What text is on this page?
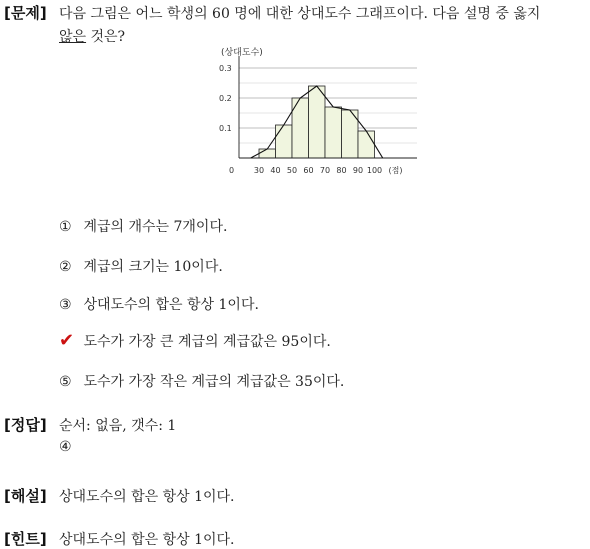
[문제] 다음 그림은 어느 학생의 60 명에 대한 상대도수 그래프이다. 다음 설명 중 옳지
않은 것은?
(상대도수)
0.3
0.2
0.1
0 30 40 50 60 70 80 90 100 (점)
① 계급의 개수는 7개이다.
② 계급의 크기는 10이다.
③ 상대도수의 합은 항상 1이다.
✔ 도수가 가장 큰 계급의 계급값은 95이다.
⑤ 도수가 가장 작은 계급의 계급값은 35이다.
[정답] 순서: 없음, 갯수: 1
④
[해설] 상대도수의 합은 항상 1이다.
[힌트] 상대도수의 합은 항상 1이다.
